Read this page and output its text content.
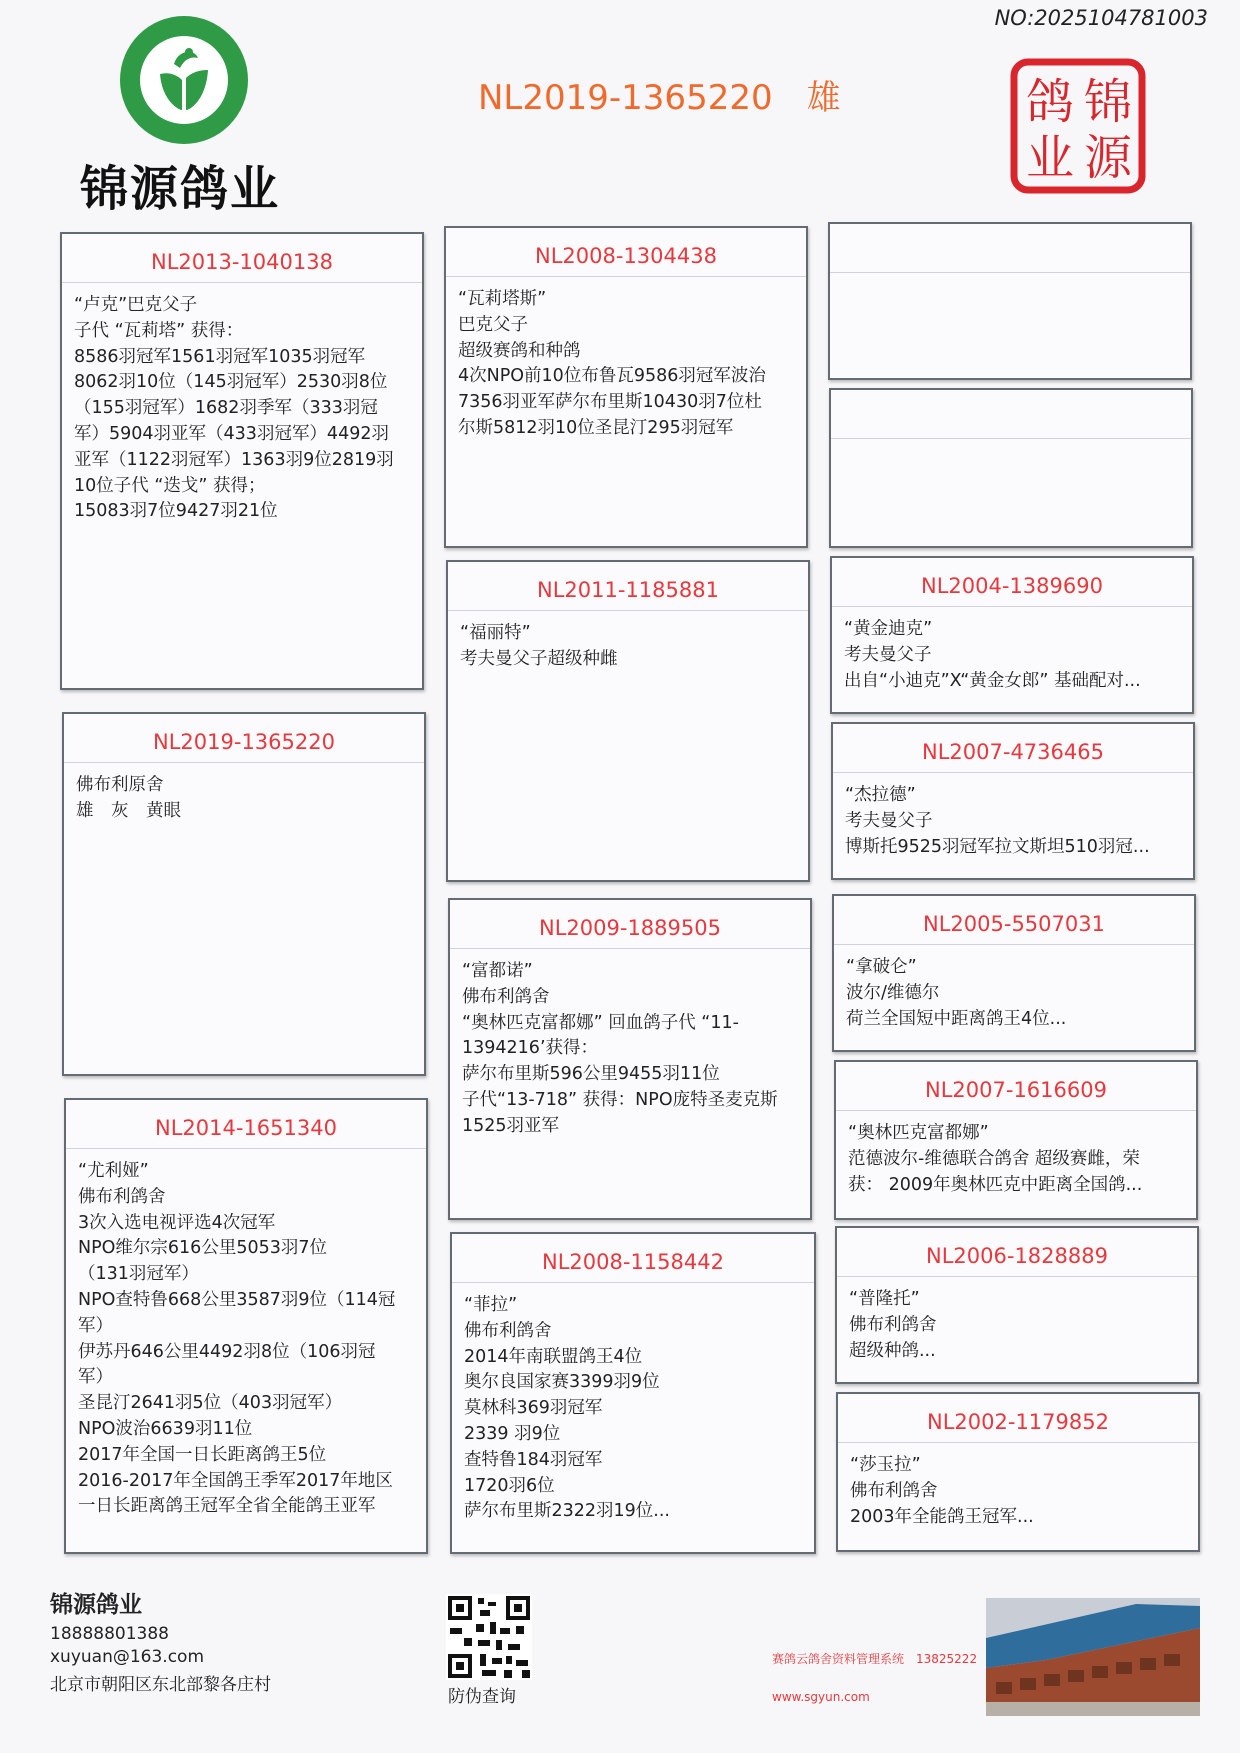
NO:2025104781003
锦源鸽业
NL2019-1365220 雄	锦
源
鸽
业
NL2013-1040138
“卢克”巴克父子
子代 “瓦莉塔” 获得：
8586羽冠军1561羽冠军1035羽冠军
8062羽10位（145羽冠军）2530羽8位
（155羽冠军）1682羽季军（333羽冠
军）5904羽亚军（433羽冠军）4492羽
亚军（1122羽冠军）1363羽9位2819羽
10位子代 “迭戈” 获得；
15083羽7位9427羽21位
NL2019-1365220
佛布利原舍
雄　灰　黄眼
NL2014-1651340
“尤利娅”
佛布利鸽舍
3次入选电视评选4次冠军
NPO维尔宗616公里5053羽7位
（131羽冠军）
NPO查特鲁668公里3587羽9位（114冠
军）
伊苏丹646公里4492羽8位（106羽冠
军）
圣昆汀2641羽5位（403羽冠军）
NPO波治6639羽11位
2017年全国一日长距离鸽王5位
2016-2017年全国鸽王季军2017年地区
一日长距离鸽王冠军全省全能鸽王亚军
NL2008-1304438
“瓦莉塔斯”
巴克父子
超级赛鸽和种鸽
4次NPO前10位布鲁瓦9586羽冠军波治
7356羽亚军萨尔布里斯10430羽7位杜
尔斯5812羽10位圣昆汀295羽冠军
NL2011-1185881
“福丽特”
考夫曼父子超级种雌
NL2009-1889505
“富都诺”
佛布利鸽舍
“奥林匹克富都娜” 回血鸽子代 “11-
1394216’获得：
萨尔布里斯596公里9455羽11位
子代“13-718” 获得：NPO庞特圣麦克斯
1525羽亚军
NL2008-1158442
“菲拉”
佛布利鸽舍
2014年南联盟鸽王4位
奥尔良国家赛3399羽9位
莫林科369羽冠军
2339 羽9位
查特鲁184羽冠军
1720羽6位
萨尔布里斯2322羽19位...
NL2004-1389690
“黄金迪克”
考夫曼父子
出自“小迪克”X“黄金女郎” 基础配对...
NL2007-4736465
“杰拉德”
考夫曼父子
博斯托9525羽冠军拉文斯坦510羽冠...
NL2005-5507031
“拿破仑”
波尔/维德尔
荷兰全国短中距离鸽王4位...
NL2007-1616609
“奥林匹克富都娜”
范德波尔-维德联合鸽舍 超级赛雌，荣
获： 2009年奥林匹克中距离全国鸽...
NL2006-1828889
“普隆托”
佛布利鸽舍
超级种鸽...
NL2002-1179852
“莎玉拉”
佛布利鸽舍
2003年全能鸽王冠军...
锦源鸽业
18888801388
xuyuan@163.com
北京市朝阳区东北部黎各庄村
防伪查询
赛鸽云鸽舍资料管理系统　13825222
www.sgyun.com
